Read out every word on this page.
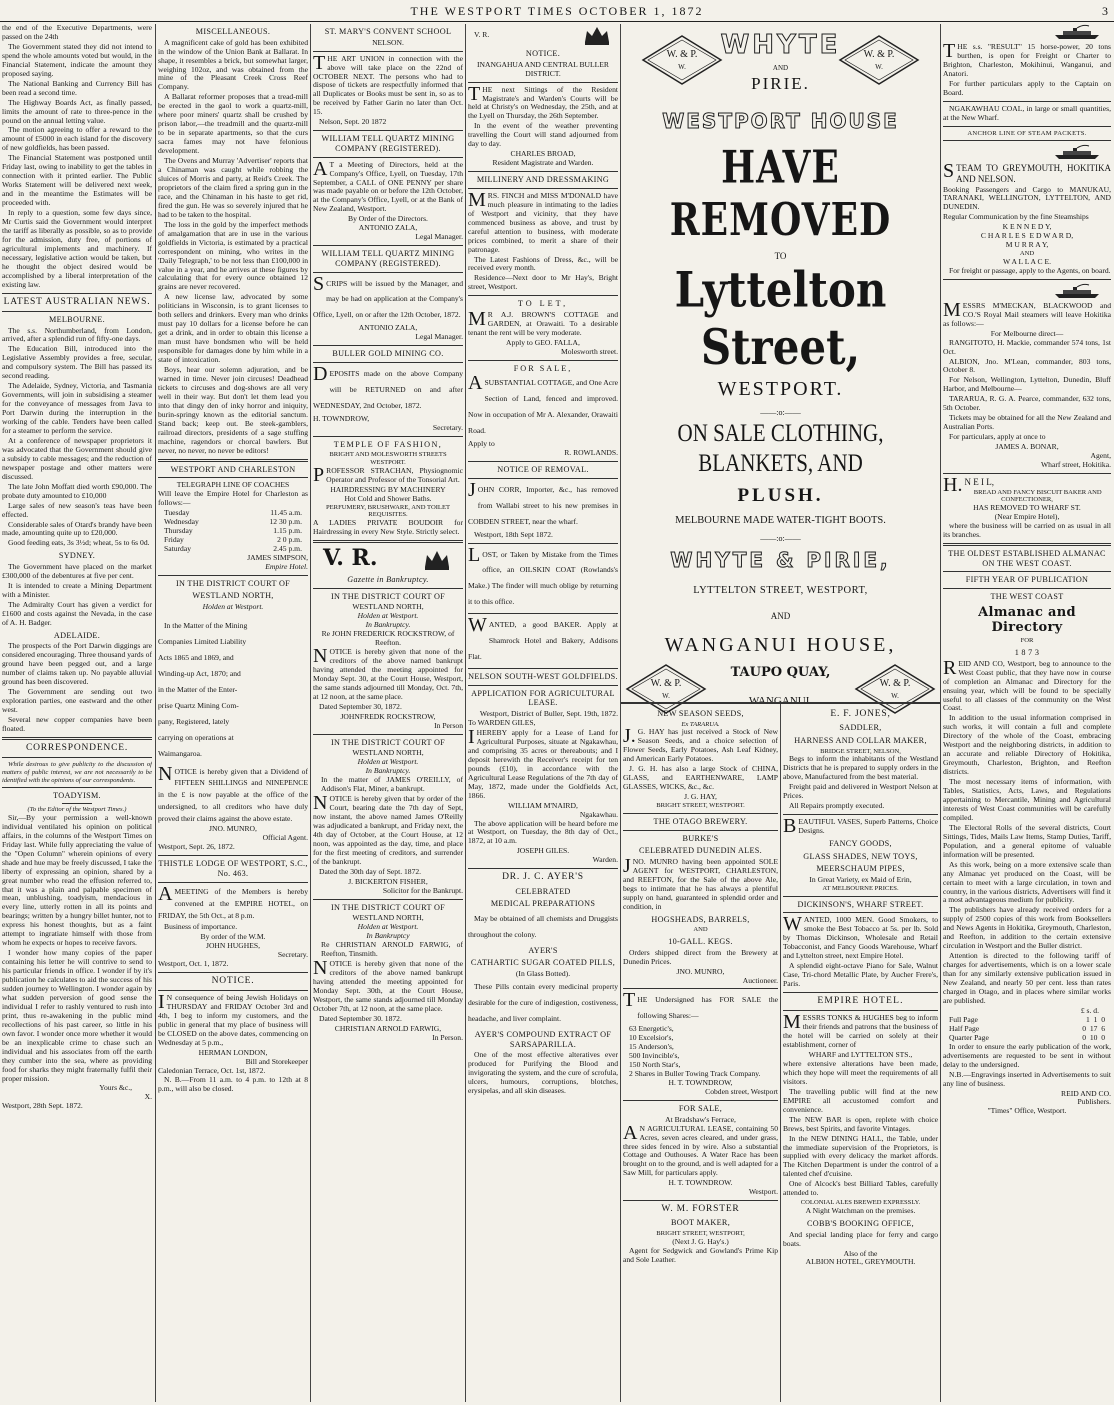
THE WESTPORT TIMES OCTOBER 1, 1872	3

the end of the Executive Departments, were passed on the 24th

The Government stated they did not intend to spend the whole amounts voted but would, in the Financial Statement, indicate the amount they proposed saying.

The National Banking and Currency Bill has been read a second time.

The Highway Boards Act, as finally passed, limits the amount of rate to three-pence in the pound on the annual letting value.

The motion agreeing to offer a reward to the amount of £5000 in each island for the discovery of new goldfields, has been passed.

The Financial Statement was postponed until Friday last, owing to inability to get the tables in connection with it printed earlier. The Public Works Statement will be delivered next week, and in the meantime the Estimates will be proceeded with.

In reply to a question, some few days since, Mr Curtis said the Government would interpret the tariff as liberally as possible, so as to provide for the admission, duty free, of portions of agricultural implements and machinery. If necessary, legislative action would be taken, but he thought the object desired would be accomplished by a liberal interpretation of the existing law.

LATEST AUSTRALIAN NEWS.
MELBOURNE.

The s.s. Northumberland, from London, arrived, after a splendid run of fifty-one days.

The Education Bill, introduced into the Legislative Assembly provides a free, secular, and compulsory system. The Bill has passed its second reading.

The Adelaide, Sydney, Victoria, and Tasmania Governments, will join in subsidising a steamer for the conveyance of messages from Java to Port Darwin during the interruption in the working of the cable. Tenders have been called for a steamer to perform the service.

At a conference of newspaper proprietors it was advocated that the Government should give a subsidy to cable messages; and the reduction of newspaper postage and other matters were discussed.

The late John Moffatt died worth £90,000. The probate duty amounted to £10,000

Large sales of new season's teas have been effected.

Considerable sales of Otard's brandy have been made, amounting quite up to £20,000.

Good feeding eats, 3s 3½d; wheat, 5s to 6s 0d.

SYDNEY.

The Government have placed on the market £300,000 of the debentures at five per cent.

It is intended to create a Mining Department with a Minister.

The Admiralty Court has given a verdict for £1600 and costs against the Nevada, in the case of A. H. Badger.

ADELAIDE.

The prospects of the Port Darwin diggings are considered encouraging. Three thousand yards of ground have been pegged out, and a large number of claims taken up. No payable alluvial ground has been discovered.

The Government are sending out two exploration parties, one eastward and the other west.

Several new copper companies have been floated.

CORRESPONDENCE.

While desirous to give publicity to the discussion of matters of public interest, we are not necessarily to be identified with the opinions of our correspondents.

TOADYISM.
(To the Editor of the Westport Times.)

Sir,—By your permission a well-known individual ventilated his opinion on political affairs, in the columns of the Westport Times on Friday last. While fully appreciating the value of the "Open Column" wherein opinions of every shade and hue may be freely discussed, I take the liberty of expressing an opinion, shared by a great number who read the effusion referred to, that it was a plain and palpable specimen of mean, unblushing, toadyism, mendacious in every line, utterly rotten in all its points and bearings; written by a hungry billet hunter, not to express his honest thoughts, but as a faint attempt to ingratiate himself with those from whom he expects or hopes to receive favors.

I wonder how many copies of the paper containing his letter he will contrive to send to his particular friends in office. I wonder if by it's publication he calculates to aid the success of his sudden journey to Wellington. I wonder again by what sudden perversion of good sense the individual I refer to rashly ventured to rush into print, thus re-awakening in the public mind recollections of his past career, so little in his own favor. I wonder once more whether it would be an inexplicable crime to chase such an individual and his associates from off the earth they cumber into the sea, where as providing food for sharks they might fraternally fulfil their proper mission.

Yours &c.,
X.
Westport, 28th Sept. 1872.
MISCELLANEOUS.

A magnificent cake of gold has been exhibited in the window of the Union Bank at Ballarat. In shape, it resembles a brick, but somewhat larger, weighing 102oz, and was obtained from the mine of the Pleasant Creek Cross Reef Company.

A Ballarat reformer proposes that a tread-mill be erected in the gaol to work a quartz-mill, where poor miners' quartz shall be crushed by prison labor,—the treadmill and the quartz-mill to be in separate apartments, so that the curs sacra fames may not have felonious development.

The Ovens and Murray 'Advertiser' reports that a Chinaman was caught while robbing the sluices of Morris and party, at Reid's Creek. The proprietors of the claim fired a spring gun in the race, and the Chinaman in his haste to get rid, fired the gun. He was so severely injured that he had to be taken to the hospital.

The loss in the gold by the imperfect methods of amalgamation that are in use in the various goldfields in Victoria, is estimated by a practical correspondent on mining, who writes in the 'Daily Telegraph,' to be not less than £100,000 in value in a year, and he arrives at these figures by calculating that for every ounce obtained 12 grains are never recovered.

A new license law, advocated by some politicians in Wisconsin, is to grant licenses to both sellers and drinkers. Every man who drinks must pay 10 dollars for a license before he can get a drink, and in order to obtain this license a man must have bondsmen who will be held responsible for damages done by him while in a state of intoxication.

Boys, hear our solemn adjuration, and be warned in time. Never join circuses! Deadhead tickets to circuses and dog-shows are all very well in their way. But don't let them lead you into that dingy den of inky horror and iniquity, burin-springy known as the editorial sanctum. Stand back; keep out. Be steek-gamblers, railroad directors, presidents of a sage stuffing machine, ragendors or chorcal bawlers. But never, no never, no never be editors!

WESTPORT AND CHARLESTON
TELEGRAPH LINE OF COACHES

Will leave the Empire Hotel for Charleston as follows:—

Tuesday	11.45 a.m.
Wednesday	12 30 p.m.
Thursday	1.15 p.m.
Friday	2 0 p.m.
Saturday	2.45 p.m.
JAMES SIMPSON,
Empire Hotel.
IN THE DISTRICT COURT OF
WESTLAND NORTH,
Holden at Westport.

In the Matter of the Mining

Companies Limited Liability

Acts 1865 and 1869, and

Winding-up Act, 1870; and

in the Matter of the Enter-

prise Quartz Mining Com-

pany, Registered, lately

carrying on operations at

Waimangaroa.

NOTICE is hereby given that a Dividend of FIFTEEN SHILLINGS and NINEPENCE in the £ is now payable at the office of the undersigned, to all creditors who have duly proved their claims against the above estate.

JNO. MUNRO,
Official Agent.
Westport, Sept. 26, 1872.
THISTLE LODGE OF WESTPORT, S.C., No. 463.

AMEETING of the Members is hereby convened at the EMPIRE HOTEL, on FRIDAY, the 5th Oct., at 8 p.m.

Business of importance.

By order of the W.M.
JOHN HUGHES,
Secretary.
Westport, Oct. 1, 1872.
NOTICE.

IN consequence of being Jewish Holidays on THURSDAY and FRIDAY October 3rd and 4th, I beg to inform my customers, and the public in general that my place of business will be CLOSED on the above dates, commencing on Wednesday at 5 p.m.,

HERMAN LONDON,
Bill and Storekeeper
Caledonian Terrace, Oct. 1st, 1872.

N. B.—From 11 a.m. to 4 p.m. to 12th at 8 p.m., will also be closed.

ST. MARY'S CONVENT SCHOOL
NELSON.

THE ART UNION in connection with the above will take place on the 22nd of OCTOBER NEXT. The persons who had to dispose of tickets are respectfully informed that all Duplicates or Books must be sent in, so as to be received by Father Garin no later than Oct. 15.

Nelson, Sept. 20 1872

WILLIAM TELL QUARTZ MINING COMPANY (REGISTERED).

AT a Meeting of Directors, held at the Company's Office, Lyell, on Tuesday, 17th September, a CALL of ONE PENNY per share was made payable on or before the 12th October, at the Company's Office, Lyell, or at the Bank of New Zealand, Westport.

By Order of the Directors.
ANTONIO ZALA,
Legal Manager.
WILLIAM TELL QUARTZ MINING COMPANY (REGISTERED).

SCRIPS will be issued by the Manager, and may be had on application at the Company's Office, Lyell, on or after the 12th October, 1872.

ANTONIO ZALA,
Legal Manager.
BULLER GOLD MINING CO.

DEPOSITS made on the above Company will be RETURNED on and after WEDNESDAY, 2nd October, 1872.

H. TOWNDROW,
Secretary.
TEMPLE OF FASHION,
BRIGHT AND MOLESWORTH STREETS
WESTPORT.

PROFESSOR STRACHAN, Physiognomic Operator and Professor of the Tonsorial Art.

HAIRDRESSING BY MACHINERY
Hot Cold and Shower Baths.
PERFUMERY, BRUSHWARE, AND TOILET REQUISITES.

A LADIES PRIVATE BOUDOIR for Hairdressing in every New Style. Strictly select.

V. R.
Gazette in Bankruptcy.
IN THE DISTRICT COURT OF
WESTLAND NORTH,
Holden at Westport.
In Bankruptcy.
Re JOHN FREDERICK ROCKSTROW, of Reefton.

NOTICE is hereby given that none of the creditors of the above named bankrupt having attended the meeting appointed for Monday Sept. 30, at the Court House, Westport, the same stands adjourned till Monday, Oct. 7th, at 12 noon, at the same place.

Dated September 30, 1872.

JOHNFREDK ROCKSTROW,
In Person
IN THE DISTRICT COURT OF
WESTLAND NORTH,
Holden at Westport.
In Bankruptcy.

In the matter of JAMES O'REILLY, of Addison's Flat, Miner, a bankrupt.

NOTICE is hereby given that by order of the Court, bearing date the 7th day of Sept, now instant, the above named James O'Reilly was adjudicated a bankrupt, and Friday next, the 4th day of October, at the Court House, at 12 noon, was appointed as the day, time, and place for the first meeting of creditors, and surrender of the bankrupt.

Dated the 30th day of Sept. 1872.

J. BICKERTON FISHER,
Solicitor for the Bankrupt.
IN THE DISTRICT COURT OF
WESTLAND NORTH,
Holden at Westport.
In Bankruptcy

Re CHRISTIAN ARNOLD FARWIG, of Reefton, Tinsmith.

NOTICE is hereby given that none of the creditors of the above named bankrupt having attended the meeting appointed for Monday Sept. 30th, at the Court House, Westport, the same stands adjourned till Monday October 7th, at 12 noon, at the same place.

Dated September 30. 1872.

CHRISTIAN ARNOLD FARWIG,
In Person.
V. R.
NOTICE.
INANGAHUA AND CENTRAL BULLER DISTRICT.

THE next Sittings of the Resident Magistrate's and Warden's Courts will be held at Christy's on Wednesday, the 25th, and at the Lyell on Thursday, the 26th September.

In the event of the weather preventing travelling the Court will stand adjourned from day to day.

CHARLES BROAD,
Resident Magistrate and Warden.
MILLINERY AND DRESSMAKING

MRS. FINCH and MISS M'DONALD have much pleasure in intimating to the ladies of Westport and vicinity, that they have commenced business as above, and trust by careful attention to business, with moderate prices combined, to merit a share of their patronage.

The Latest Fashions of Dress, &c., will be received every month.

Residence—Next door to Mr Hay's, Bright street, Westport.

TO LET,

MR A.J. BROWN'S COTTAGE and GARDEN, at Orawaiti. To a desirable tenant the rent will be very moderate.

Apply to GEO. FALLA,
Molesworth street.
FOR SALE,

ASUBSTANTIAL COTTAGE, and One Acre Section of Land, fenced and improved. Now in occupation of Mr A. Alexander, Orawaiti Road.

Apply to
R. ROWLANDS.
NOTICE OF REMOVAL.

JOHN CORR, Importer, &c., has removed from Wallabi street to his new premises in COBDEN STREET, near the wharf.

Westport, 18th Sept 1872.

LOST, or Taken by Mistake from the Times office, an OILSKIN COAT (Rowlands's Make.) The finder will much oblige by returning it to this office.

WANTED, a good BAKER. Apply at Shamrock Hotel and Bakery, Addisons Flat.

NELSON SOUTH-WEST GOLDFIELDS.
APPLICATION FOR AGRICULTURAL LEASE.
Westport, District of Buller, Sept. 19th, 1872.

To WARDEN GILES,

IHEREBY apply for a Lease of Land for Agricultural Purposes, situate at Ngakawhau, and comprising 35 acres or thereabouts; and I deposit herewith the Receiver's receipt for ten pounds (£10), in accordance with the Agricultural Lease Regulations of the 7th day of May, 1872, made under the Goldfields Act, 1866.

WILLIAM M'NAIRD,
Ngakawhau.

The above application will be heard before me at Westport, on Tuesday, the 8th day of Oct., 1872, at 10 a.m.

JOSEPH GILES.
Warden.
DR. J. C. AYER'S
CELEBRATED
MEDICAL PREPARATIONS

May be obtained of all chemists and Druggists throughout the colony.

AYER'S
CATHARTIC SUGAR COATED PILLS,
(In Glass Botted).

These Pills contain every medicinal property desirable for the cure of indigestion, costiveness, headache, and liver complaint.

AYER'S COMPOUND EXTRACT OF SARSAPARILLA.

One of the most effective alteratives ever produced for Purifying the Blood and invigorating the system, and the cure of scrofula, ulcers, humours, corruptions, blotches, erysipelas, and all skin diseases.

W. & P.
W.
WHYTE
AND
PIRIE.
W. & P.
W.
WESTPORT HOUSE
HAVE REMOVED
TO
Lyttelton Street,
WESTPORT.
——:o:——
ON SALE CLOTHING, BLANKETS, AND
PLUSH.
MELBOURNE MADE WATER-TIGHT BOOTS.
——:o:——
WHYTE & PIRIE,
LYTTELTON STREET, WESTPORT,
AND
WANGANUI HOUSE,
W. & P.
W.
TAUPO QUAY,
W. & P.
W.
NEW SEASON SEEDS,
Ex TARARUA.

J.G. HAY has just received a Stock of New Season Seeds, and a choice selection of Flower Seeds, Early Potatoes, Ash Leaf Kidney, and American Early Potatoes.

J. G. H. has also a large Stock of CHINA, GLASS, and EARTHENWARE, LAMP GLASSES, WICKS, &c., &c.

J. G. HAY,
BRIGHT STREET, WESTPORT.
THE OTAGO BREWERY.
BURKE'S
CELEBRATED DUNEDIN ALES.

JNO. MUNRO having been appointed SOLE AGENT for WESTPORT, CHARLESTON, and REEFTON, for the Sale of the above Ale, begs to intimate that he has always a plentiful supply on hand, guaranteed in splendid order and condition, in

HOGSHEADS, BARRELS,
AND
10-GALL. KEGS.

Orders shipped direct from the Brewery at Dunedin Prices.

JNO. MUNRO,
Auctioneer.

THE Undersigned has FOR SALE the following Shares:—

63 Energetic's,
10 Excelsior's,
15 Anderson's,
500 Invincible's,
150 North Star's,
2 Shares in Buller Towing Track Company.
H. T. TOWNDROW,
Cobden street, Westport
FOR SALE,
At Bradshaw's Ferrace,

AN AGRICULTURAL LEASE, containing 50 Acres, seven acres cleared, and under grass, three sides fenced in by wire. Also a substantial Cottage and Outhouses. A Water Race has been brought on to the ground, and is well adapted for a Saw Mill, for particulars apply.

H. T. TOWNDROW.
Westport.
W. M. FORSTER
BOOT MAKER,
BRIGHT STREET, WESTPORT,
(Next J. G. Hay's.)

Agent for Sedgwick and Gowland's Prime Kip and Sole Leather.

E. F. JONES,
SADDLER,
HARNESS AND COLLAR MAKER,
BRIDGE STREET, NELSON,

Begs to inform the inhabitants of the Westland Districts that he is prepared to supply orders in the above, Manufactured from the best material.

Freight paid and delivered in Westport Nelson at Prices.

All Repairs promptly executed.

BEAUTIFUL VASES, Superb Patterns, Choice Designs.

FANCY GOODS,
GLASS SHADES, NEW TOYS,
MEERSCHAUM PIPES,
In Great Variety, ex Maid of Erin,
AT MELBOURNE PRICES.
DICKINSON'S, WHARF STREET.

WANTED, 1000 MEN. Good Smokers, to smoke the Best Tobacco at 5s. per lb. Sold by Thomas Dickinson, Wholesale and Retail Tobacconist, and Fancy Goods Warehouse, Wharf and Lyttelton street, next Empire Hotel.

A splendid eight-octave Piano for Sale, Walnut Case, Tri-chord Metallic Plate, by Aucher Frere's, Paris.

EMPIRE HOTEL.

MESSRS TONKS & HUGHES beg to inform their friends and patrons that the business of the hotel will be carried on solely at their establishment, corner of

WHARF and LYTTELTON STS.,

where extensive alterations have been made, which they hope will meet the requirements of all visitors.

The travelling public will find at the new EMPIRE all accustomed comfort and convenience.

The NEW BAR is open, replete with choice Brews, best Spirits, and favorite Vintages.

In the NEW DINING HALL, the Table, under the immediate supervision of the Proprietors, is supplied with every delicacy the market affords. The Kitchen Department is under the control of a talented chef d'cuisine.

One of Alcock's best Billiard Tables, carefully attended to.

COLONIAL ALES BREWED EXPRESSLY.
A Night Watchman on the premises.
COBB'S BOOKING OFFICE,

And special landing place for ferry and cargo boats.

Also of the
ALBION HOTEL, GREYMOUTH.

THE s.s. "RESULT" 15 horse-power, 20 tons burthen, is open for Freight or Charter to Brighton, Charleston, Mokihinui, Wanganui, and Anatori.

For further particulars apply to the Captain on Board.

NGAKAWHAU COAL, in large or small quantities, at the New Wharf.

ANCHOR LINE OF STEAM PACKETS.

STEAM TO GREYMOUTH, HOKITIKA AND NELSON.

Booking Passengers and Cargo to MANUKAU, TARANAKI, WELLINGTON, LYTTELTON, AND DUNEDIN.

Regular Communication by the fine Steamships

K E N N E D Y,
C H A R L E S  E D W A R D,
M U R R A Y,
AND
W A L L A C E.

For freight or passage, apply to the Agents, on board.

MESSRS M'MECKAN, BLACKWOOD and CO.'S Royal Mail steamers will leave Hokitika as follows:—

For Melbourne direct—

RANGITOTO, H. Mackie, commander 574 tons, 1st Oct.

ALBION, Jno. M'Lean, commander, 803 tons, October 8.

For Nelson, Wellington, Lyttelton, Dunedin, Bluff Harbor, and Melbourne—

TARARUA, R. G. A. Pearce, commander, 632 tons, 5th October.

Tickets may be obtained for all the New Zealand and Australian Ports.

For particulars, apply at once to

JAMES A. BONAR,
Agent,
Wharf street, Hokitika.

H.N E I L,

BREAD AND FANCY BISCUIT BAKER AND CONFECTIONER,
HAS REMOVED TO WHARF ST.
(Near Empire Hotel),

where the business will be carried on as usual in all its branches.

THE OLDEST ESTABLISHED ALMANAC ON THE WEST COAST.
FIFTH YEAR OF PUBLICATION
THE WEST COAST
Almanac and Directory
FOR
1 8 7 3

REID AND CO, Westport, beg to announce to the West Coast public, that they have now in course of completion an Almanac and Directory for the ensuing year, which will be found to be specially useful to all classes of the community on the West Coast.

In addition to the usual information comprised in such works, it will contain a full and complete Directory of the whole of the Coast, embracing Westport and the neighboring districts, in addition to an accurate and reliable Directory of Hokitika, Greymouth, Charleston, Brighton, and Reefton districts.

The most necessary items of information, with Tables, Statistics, Acts, Laws, and Regulations appertaining to Mercantile, Mining and Agricultural interests of West Coast communities will be carefully compiled.

The Electoral Rolls of the several districts, Court Sittings, Tides, Mails Law Items, Stamp Duties, Tariff, Population, and a general epitome of valuable information will be presented.

As this work, being on a more extensive scale than any Almanac yet produced on the Coast, will be certain to meet with a large circulation, in town and country, in the various districts, Advertisers will find it a most advantageous medium for publicity.

The publishers have already received orders for a supply of 2500 copies of this work from Booksellers and News Agents in Hokitika, Greymouth, Charleston, and Reefton, in addition to the certain extensive circulation in Westport and the Buller district.

Attention is directed to the following tariff of charges for advertisements, which is on a lower scale than for any similarly extensive publication issued in New Zealand, and nearly 50 per cent. less than rates charged in Otago, and in places where similar works are published.

£ s. d.
Full Page	1  1  0
Half Page	0  17  6
Quarter Page	0  10  0

In order to ensure the early publication of the work, advertisements are requested to be sent in without delay to the undersigned.

N.B.—Engravings inserted in Advertisements to suit any line of business.

REID AND CO.
Publishers.
"Times" Office, Westport.
